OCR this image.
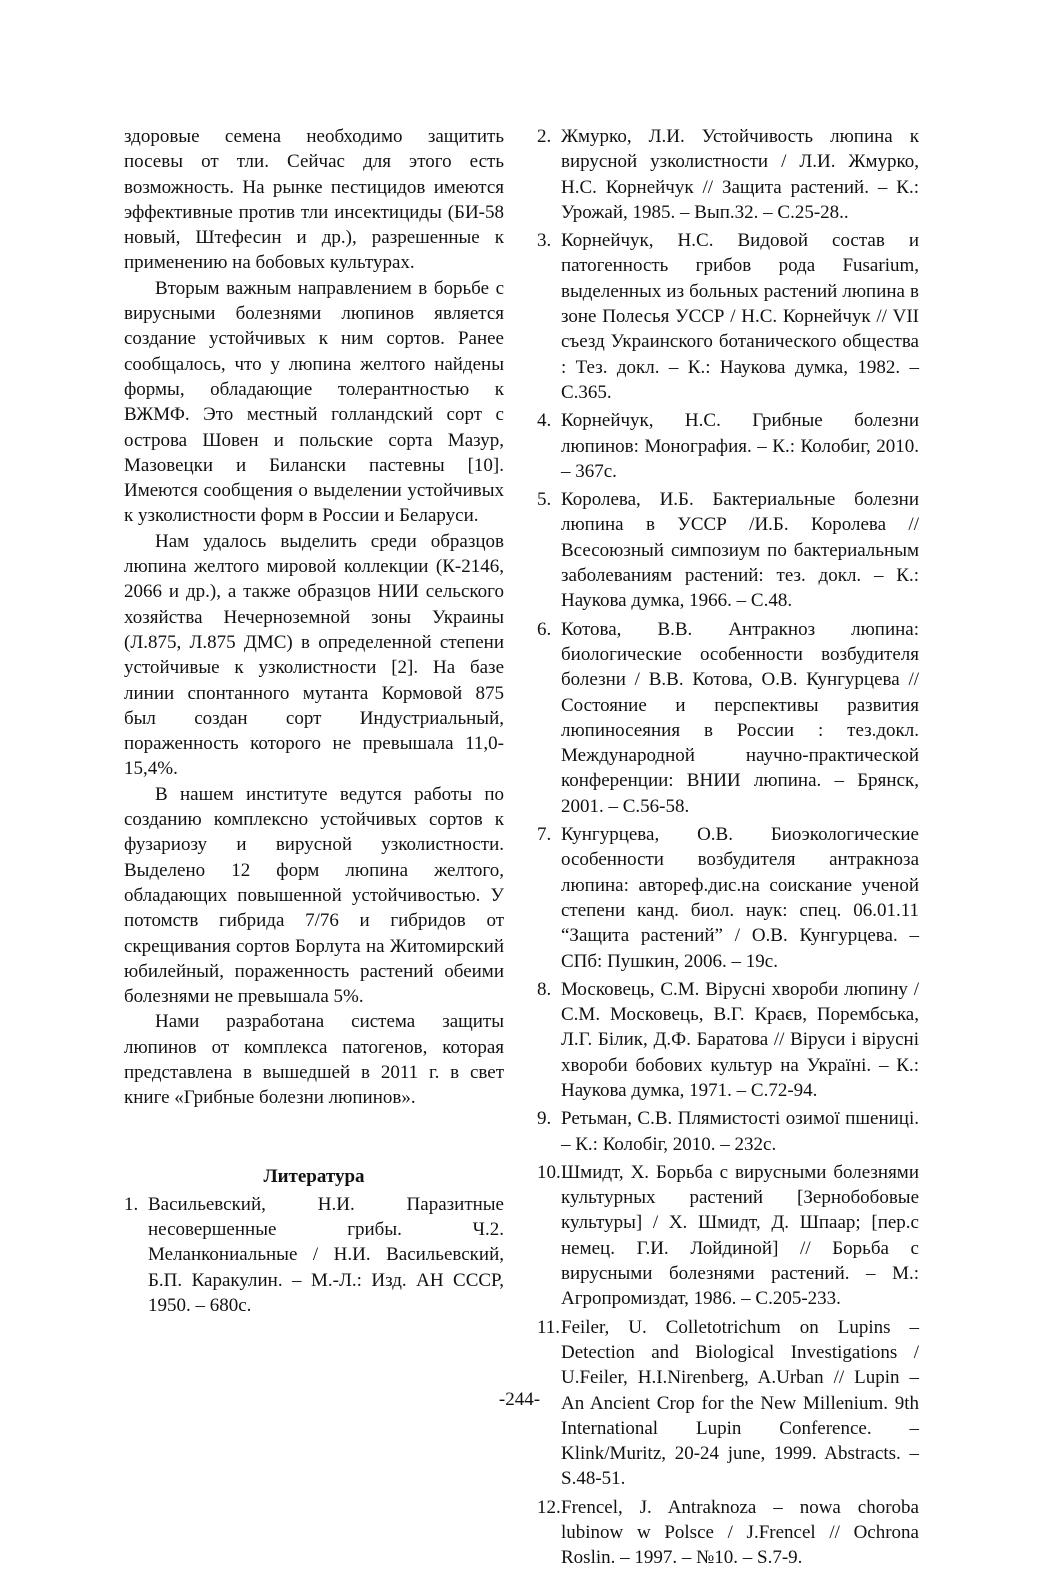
здоровые семена необходимо защитить посевы от тли. Сейчас для этого есть возможность. На рынке пестицидов имеются эффективные против тли инсектициды (БИ-58 новый, Штефесин и др.), разрешенные к применению на бобовых культурах.

Вторым важным направлением в борьбе с вирусными болезнями люпинов является создание устойчивых к ним сортов. Ранее сообщалось, что у люпина желтого найдены формы, обладающие толерантностью к ВЖМФ. Это местный голландский сорт с острова Шовен и польские сорта Мазур, Мазовецки и Биланcки пастевны [10]. Имеются сообщения о выделении устойчивых к узколистности форм в России и Беларуси.

Нам удалось выделить среди образцов люпина желтого мировой коллекции (К-2146, 2066 и др.), а также образцов НИИ сельского хозяйства Нечерноземной зоны Украины (Л.875, Л.875 ДМС) в определенной степени устойчивые к узколистности [2]. На базе линии спонтанного мутанта Кормовой 875 был создан сорт Индустриальный, пораженность которого не превышала 11,0-15,4%.

В нашем институте ведутся работы по созданию комплексно устойчивых сортов к фузариозу и вирусной узколистности. Выделено 12 форм люпина желтого, обладающих повышенной устойчивостью. У потомств гибрида 7/76 и гибридов от скрещивания сортов Борлута на Житомирский юбилейный, пораженность растений обеими болезнями не превышала 5%.

Нами разработана система защиты люпинов от комплекса патогенов, которая представлена в вышедшей в 2011 г. в свет книге «Грибные болезни люпинов».

Литература
1. Васильевский, Н.И. Паразитные несовершенные грибы. Ч.2. Меланкониальные / Н.И. Васильевский, Б.П. Каракулин. – М.-Л.: Изд. АН СССР, 1950. – 680с.
2. Жмурко, Л.И. Устойчивость люпина к вирусной узколистности / Л.И. Жмурко, Н.С. Корнейчук // Защита растений. – К.: Урожай, 1985. – Вып.32. – С.25-28..
3. Корнейчук, Н.С. Видовой состав и патогенность грибов рода Fusarium, выделенных из больных растений люпина в зоне Полесья УССР / Н.С. Корнейчук // VII съезд Украинского ботанического общества : Тез. докл. – К.: Наукова думка, 1982. – С.365.
4. Корнейчук, Н.С. Грибные болезни люпинов: Монография. – К.: Колобиг, 2010. – 367с.
5. Королева, И.Б. Бактериальные болезни люпина в УССР /И.Б. Королева // Всесоюзный симпозиум по бактериальным заболеваниям растений: тез. докл. – К.: Наукова думка, 1966. – С.48.
6. Котова, В.В. Антракноз люпина: биологические особенности возбудителя болезни / В.В. Котова, О.В. Кунгурцева // Состояние и перспективы развития люпиносеяния в России : тез.докл. Международной научно-практической конференции: ВНИИ люпина. – Брянск, 2001. – С.56-58.
7. Кунгурцева, О.В. Биоэкологические особенности возбудителя антракноза люпина: автореф.дис.на соискание ученой степени канд. биол. наук: спец. 06.01.11 “Защита растений” / О.В. Кунгурцева. – СПб: Пушкин, 2006. – 19с.
8. Московець, С.М. Вірусні хвороби люпину / С.М. Московець, В.Г. Краєв, Порембська, Л.Г. Білик, Д.Ф. Баратова // Віруси і вірусні хвороби бобових культур на Україні. – К.: Наукова думка, 1971. – С.72-94.
9. Ретьман, С.В. Плямистості озимої пшениці. – К.: Колобіг, 2010. – 232с.
10. Шмидт, Х. Борьба с вирусными болезнями культурных растений [Зернобобовые культуры] / Х. Шмидт, Д. Шпаар; [пер.с немец. Г.И. Лойдиной] // Борьба с вирусными болезнями растений. – М.: Агропромиздат, 1986. – С.205-233.
11. Feiler, U. Colletotrichum on Lupins – Detection and Biological Investigations / U.Feiler, H.I.Nirenberg, A.Urban // Lupin – An Ancient Crop for the New Millenium. 9th International Lupin Conference. – Klink/Muritz, 20-24 june, 1999. Abstracts. – S.48-51.
12. Frencel, J. Antraknoza – nowa choroba lubinow w Polsce / J.Frencel // Ochrona Roslin. – 1997. – №10. – S.7-9.
-244-
